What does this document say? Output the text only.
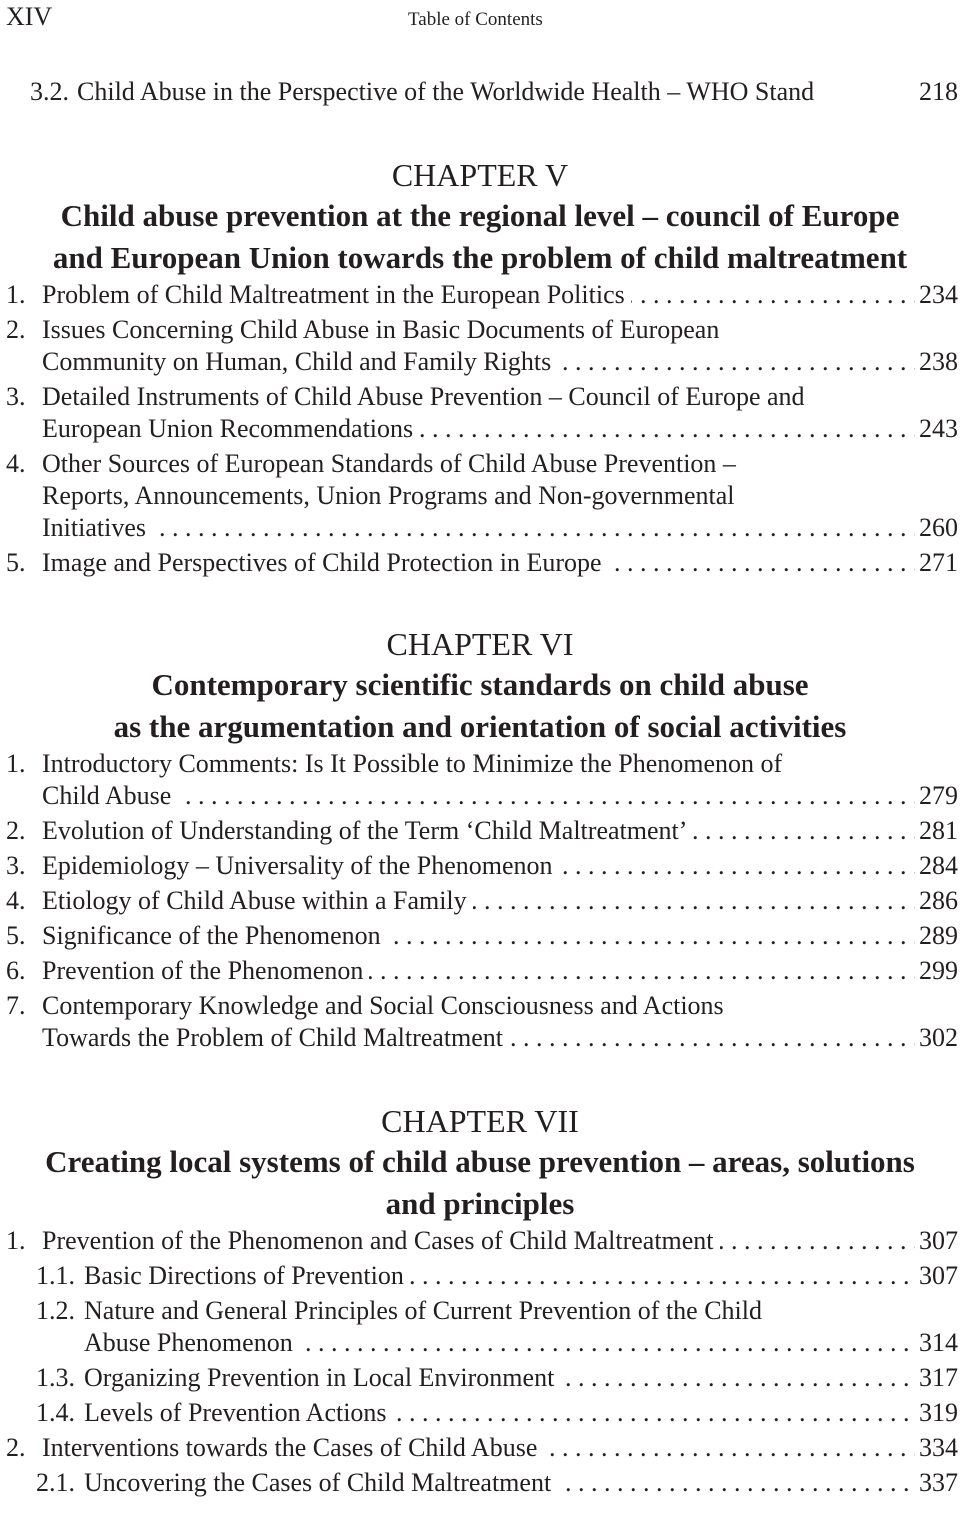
XIV	Table of Contents
3.2. Child Abuse in the Perspective of the Worldwide Health – WHO Stand	218
CHAPTER V
Child abuse prevention at the regional level – council of Europe
and European Union towards the problem of child maltreatment
1. Problem of Child Maltreatment in the European Politics . . .	234
2. Issues Concerning Child Abuse in Basic Documents of European
Community on Human, Child and Family Rights . . .	238
3. Detailed Instruments of Child Abuse Prevention – Council of Europe and
European Union Recommendations . . .	243
4. Other Sources of European Standards of Child Abuse Prevention –
Reports, Announcements, Union Programs and Non-governmental
Initiatives . . .	260
5. Image and Perspectives of Child Protection in Europe . . .	271
CHAPTER VI
Contemporary scientific standards on child abuse
as the argumentation and orientation of social activities
1. Introductory Comments: Is It Possible to Minimize the Phenomenon of
Child Abuse . . .	279
2. Evolution of Understanding of the Term ‘Child Maltreatment’ . . .	281
3. Epidemiology – Universality of the Phenomenon . . .	284
4. Etiology of Child Abuse within a Family . . .	286
5. Significance of the Phenomenon . . .	289
6. Prevention of the Phenomenon . . .	299
7. Contemporary Knowledge and Social Consciousness and Actions
Towards the Problem of Child Maltreatment . . .	302
CHAPTER VII
Creating local systems of child abuse prevention – areas, solutions
and principles
1. Prevention of the Phenomenon and Cases of Child Maltreatment . . .	307
1.1. Basic Directions of Prevention . . .	307
1.2. Nature and General Principles of Current Prevention of the Child
Abuse Phenomenon . . .	314
1.3. Organizing Prevention in Local Environment . . .	317
1.4. Levels of Prevention Actions . . .	319
2. Interventions towards the Cases of Child Abuse . . .	334
2.1. Uncovering the Cases of Child Maltreatment . . .	337
